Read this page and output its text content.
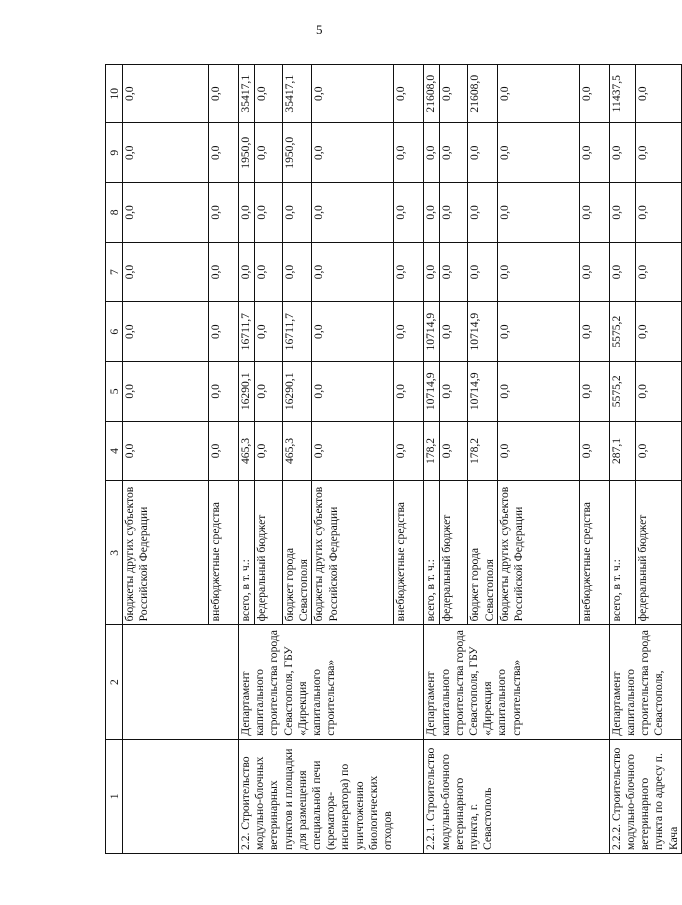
5
1	2	3	4	5	6	7	8	9	10
		бюджеты других субъектов Российской Федерации	0,0	0,0	0,0	0,0	0,0	0,0	0,0
		внебюджетные средства	0,0	0,0	0,0	0,0	0,0	0,0	0,0
2.2. Строительство модульно-блочных ветеринарных пунктов и площадки для размещения специальной печи (крематора-инсинератора) по уничтожению биологических отходов	Департамент капитального строительства города Севастополя, ГБУ «Дирекция капитального строительства»	всего, в т. ч.:	465,3	16290,1	16711,7	0,0	0,0	1950,0	35417,1
		федеральный бюджет	0,0	0,0	0,0	0,0	0,0	0,0	0,0
		бюджет города Севастополя	465,3	16290,1	16711,7	0,0	0,0	1950,0	35417,1
		бюджеты других субъектов Российской Федерации	0,0	0,0	0,0	0,0	0,0	0,0	0,0
		внебюджетные средства	0,0	0,0	0,0	0,0	0,0	0,0	0,0
2.2.1. Строительство модульно-блочного ветеринарного пункта, г. Севастополь	Департамент капитального строительства города Севастополя, ГБУ «Дирекция капитального строительства»	всего, в т. ч.:	178,2	10714,9	10714,9	0,0	0,0	0,0	21608,0
		федеральный бюджет	0,0	0,0	0,0	0,0	0,0	0,0	0,0
		бюджет города Севастополя	178,2	10714,9	10714,9	0,0	0,0	0,0	21608,0
		бюджеты других субъектов Российской Федерации	0,0	0,0	0,0	0,0	0,0	0,0	0,0
		внебюджетные средства	0,0	0,0	0,0	0,0	0,0	0,0	0,0
2.2.2. Строительство модульно-блочного ветеринарного пункта по адресу п. Кача	Департамент капитального строительства города Севастополя,	всего, в т. ч.:	287,1	5575,2	5575,2	0,0	0,0	0,0	11437,5
		федеральный бюджет	0,0	0,0	0,0	0,0	0,0	0,0	0,0
